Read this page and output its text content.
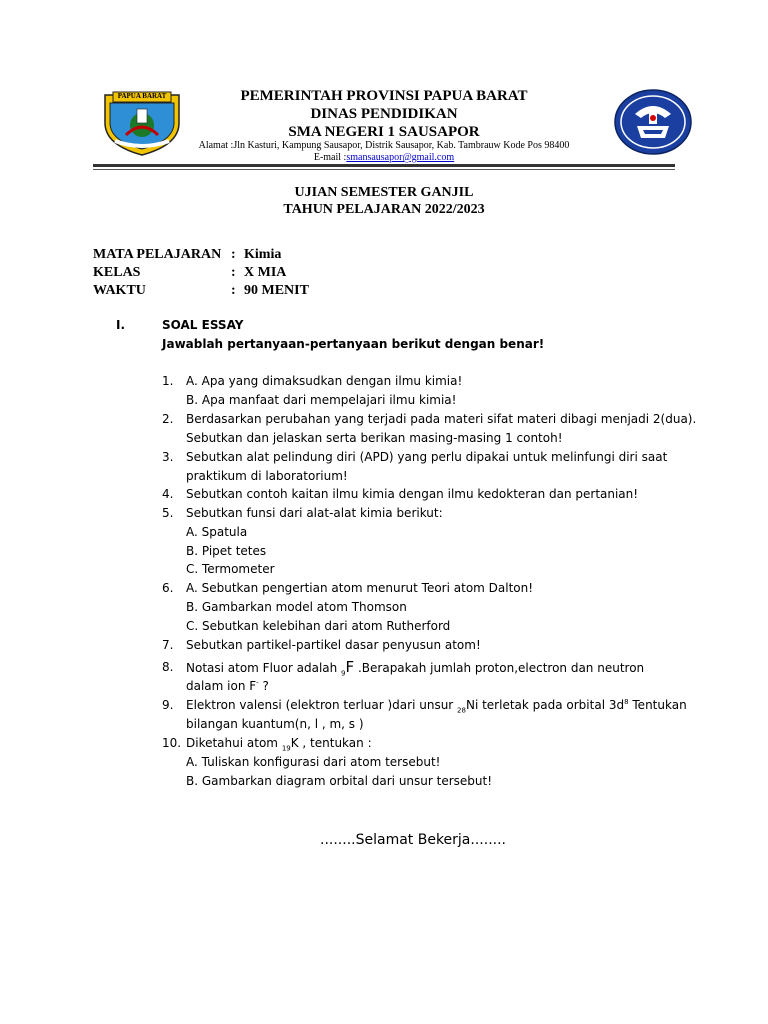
PAPUA BARAT	PEMERINTAH PROVINSI PAPUA BARAT
DINAS PENDIDIKAN
SMA NEGERI 1 SAUSAPOR
Alamat :Jln Kasturi, Kampung Sausapor, Distrik Sausapor, Kab. Tambrauw Kode Pos 98400
E-mail :smansausapor@gmail.com
UJIAN SEMESTER GANJIL
TAHUN PELAJARAN 2022/2023
MATA PELAJARAN : Kimia
KELAS	: X MIA
WAKTU	: 90 MENIT
I.	SOAL ESSAY
Jawablah pertanyaan-pertanyaan berikut dengan benar!
1. A. Apa yang dimaksudkan dengan ilmu kimia!
B. Apa manfaat dari mempelajari ilmu kimia!
2. Berdasarkan perubahan yang terjadi pada materi sifat materi dibagi menjadi 2(dua).
Sebutkan dan jelaskan serta berikan masing-masing 1 contoh!
3. Sebutkan alat pelindung diri (APD) yang perlu dipakai untuk melinfungi diri saat
praktikum di laboratorium!
4. Sebutkan contoh kaitan ilmu kimia dengan ilmu kedokteran dan pertanian!
5. Sebutkan funsi dari alat-alat kimia berikut:
A. Spatula
B. Pipet tetes
C. Termometer
6. A. Sebutkan pengertian atom menurut Teori atom Dalton!
B. Gambarkan model atom Thomson
C. Sebutkan kelebihan dari atom Rutherford
7. Sebutkan partikel-partikel dasar penyusun atom!
8. Notasi atom Fluor adalah $_9$F .Berapakah jumlah proton,electron dan neutron
dalam ion F- ?
9. Elektron valensi (elektron terluar )dari unsur $_{28}$Ni terletak pada orbital $3d^8$ Tentukan
bilangan kuantum(n, l , m, s )
10. Diketahui atom $_{19}$K , tentukan :
A. Tuliskan konfigurasi dari atom tersebut!
B. Gambarkan diagram orbital dari unsur tersebut!
........Selamat Bekerja........
